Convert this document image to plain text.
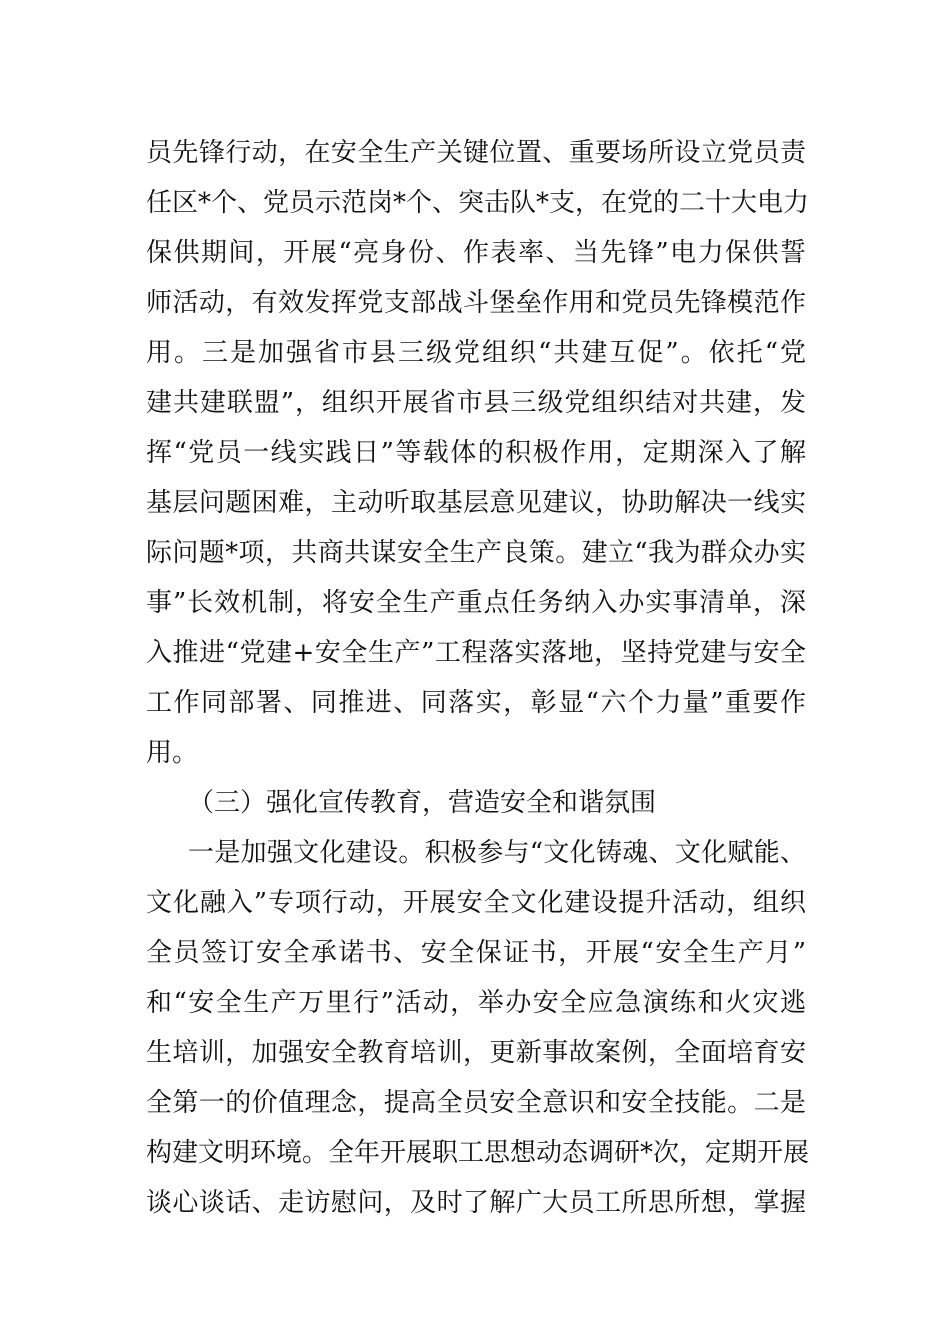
员先锋行动，在安全生产关键位置、重要场所设立党员责
任区*个、党员示范岗*个、突击队*支，在党的二十大电力
保供期间，开展“亮身份、作表率、当先锋”电力保供誓
师活动，有效发挥党支部战斗堡垒作用和党员先锋模范作
用。三是加强省市县三级党组织“共建互促”。依托“党
建共建联盟”，组织开展省市县三级党组织结对共建，发
挥“党员一线实践日”等载体的积极作用，定期深入了解
基层问题困难，主动听取基层意见建议，协助解决一线实
际问题*项，共商共谋安全生产良策。建立“我为群众办实
事”长效机制，将安全生产重点任务纳入办实事清单，深
入推进“党建+安全生产”工程落实落地，坚持党建与安全
工作同部署、同推进、同落实，彰显“六个力量”重要作
用。
（三）强化宣传教育，营造安全和谐氛围
一是加强文化建设。积极参与“文化铸魂、文化赋能、
文化融入”专项行动，开展安全文化建设提升活动，组织
全员签订安全承诺书、安全保证书，开展“安全生产月”
和“安全生产万里行”活动，举办安全应急演练和火灾逃
生培训，加强安全教育培训，更新事故案例，全面培育安
全第一的价值理念，提高全员安全意识和安全技能。二是
构建文明环境。全年开展职工思想动态调研*次，定期开展
谈心谈话、走访慰问，及时了解广大员工所思所想，掌握
